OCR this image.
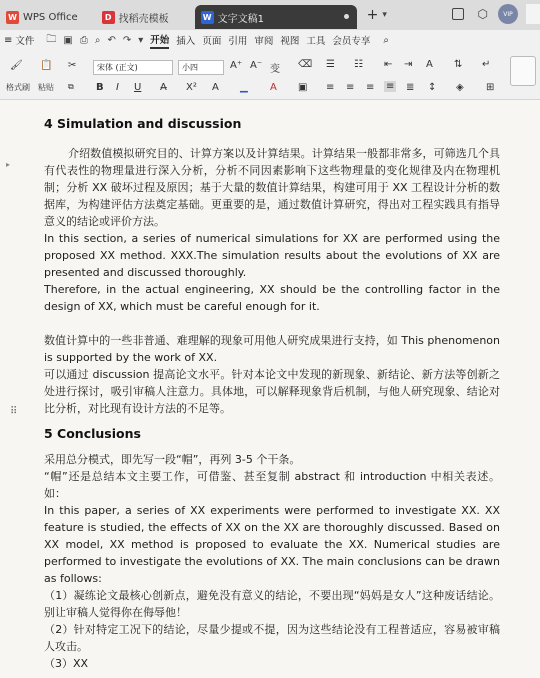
W WPS Office	D 找稻壳模板	W 文字文稿1	+ ▾	⬡	VIP
≡ 文件 🗀 ▣ ⎙ ⌕ ↶ ↷ ▾ 开始 插入 页面 引用 审阅 视图 工具 会员专享 ⌕
🖌 📋 ✂
格式刷 粘贴 ⧉
宋体 (正文)	小四	A⁺ A⁻ 变 ⌫
B I U A̶ X² A ▁ A ▣
☰ ☷ ⇤ ⇥ A ⇅ ↵
≡ ≡ ≡ ≡ ≣ ↕ ◈ ⊞
▸
⠿
4 Simulation and discussion
介绍数值模拟研究目的、计算方案以及计算结果。计算结果一般都非常多，可筛选几个具有代表性的物理量进行深入分析，分析不同因素影响下这些物理量的变化规律及内在物理机制；分析 XX 破坏过程及原因；基于大量的数值计算结果，构建可用于 XX 工程设计分析的数据库，为构建评估方法奠定基础。更重要的是，通过数值计算研究，得出对工程实践具有指导意义的结论或评价方法。
In this section, a series of numerical simulations for XX are performed using the proposed XX method. XXX.The simulation results about the evolutions of XX are presented and discussed thoroughly.
Therefore, in the actual engineering, XX should be the controlling factor in the design of XX, which must be careful enough for it.
数值计算中的一些非普通、难理解的现象可用他人研究成果进行支持，如 This phenomenon is supported by the work of XX.
可以通过 discussion 提高论文水平。针对本论文中发现的新现象、新结论、新方法等创新之处进行探讨，吸引审稿人注意力。具体地，可以解释现象背后机制，与他人研究现象、结论对比分析，对比现有设计方法的不足等。
5 Conclusions
采用总分模式，即先写一段“帽”，再列 3-5 个干条。
“帽”还是总结本文主要工作，可借鉴、甚至复制 abstract 和 introduction 中相关表述。如：
In this paper, a series of XX experiments were performed to investigate XX. XX feature is studied, the effects of XX on the XX are thoroughly discussed. Based on XX model, XX method is proposed to evaluate the XX. Numerical studies are performed to investigate the evolutions of XX. The main conclusions can be drawn as follows:
（1）凝练论文最核心创新点，避免没有意义的结论，不要出现“妈妈是女人”这种废话结论。别让审稿人觉得你在侮辱他！
（2）针对特定工况下的结论，尽量少提或不提，因为这些结论没有工程普适应，容易被审稿人攻击。
（3）XX
